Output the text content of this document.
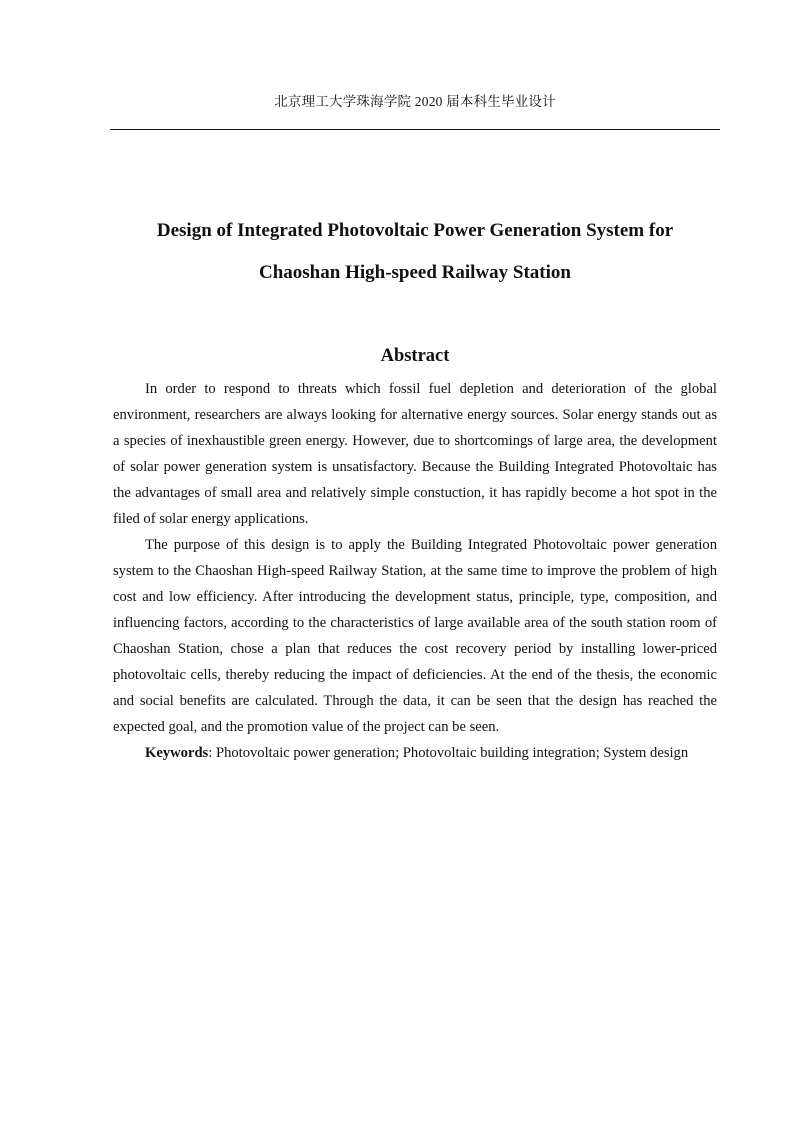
北京理工大学珠海学院 2020 届本科生毕业设计
Design of Integrated Photovoltaic Power Generation System for
Chaoshan High-speed Railway Station
Abstract

In order to respond to threats which fossil fuel depletion and deterioration of the global environment, researchers are always looking for alternative energy sources. Solar energy stands out as a species of inexhaustible green energy. However, due to shortcomings of large area, the development of solar power generation system is unsatisfactory. Because the Building Integrated Photovoltaic has the advantages of small area and relatively simple constuction, it has rapidly become a hot spot in the filed of solar energy applications.

The purpose of this design is to apply the Building Integrated Photovoltaic power generation system to the Chaoshan High-speed Railway Station, at the same time to improve the problem of high cost and low efficiency. After introducing the development status, principle, type, composition, and influencing factors, according to the characteristics of large available area of the south station room of Chaoshan Station, chose a plan that reduces the cost recovery period by installing lower-priced photovoltaic cells, thereby reducing the impact of deficiencies. At the end of the thesis, the economic and social benefits are calculated. Through the data, it can be seen that the design has reached the expected goal, and the promotion value of the project can be seen.

Keywords: Photovoltaic power generation; Photovoltaic building integration; System design
